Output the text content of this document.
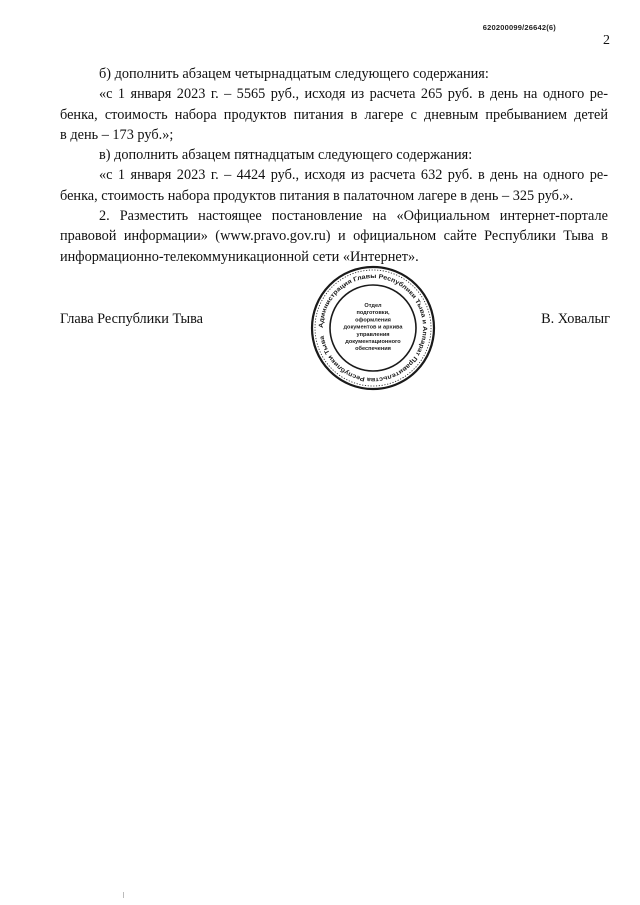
620200099/26642(6)
2

б) дополнить абзацем четырнадцатым следующего содержания:

«с 1 января 2023 г. – 5565 руб., исходя из расчета 265 руб. в день на одного ре-
бенка, стоимость набора продуктов питания в лагере с дневным пребыванием детей
в день – 173 руб.»;

в) дополнить абзацем пятнадцатым следующего содержания:

«с 1 января 2023 г. – 4424 руб., исходя из расчета 632 руб. в день на одного ре-
бенка, стоимость набора продуктов питания в палаточном лагере в день – 325 руб.».
2. Разместить настоящее постановление на «Официальном интернет-портале
правовой информации» (www.pravo.gov.ru) и официальном сайте Республики Тыва в
информационно-телекоммуникационной сети «Интернет».
Глава Республики Тыва	Администрация Главы Республики Тыва и Аппарат Правительства Республики Тыва
Отдел
подготовки,
оформления
документов и архива
управления
документационного
обеспечения
В. Ховалыг
